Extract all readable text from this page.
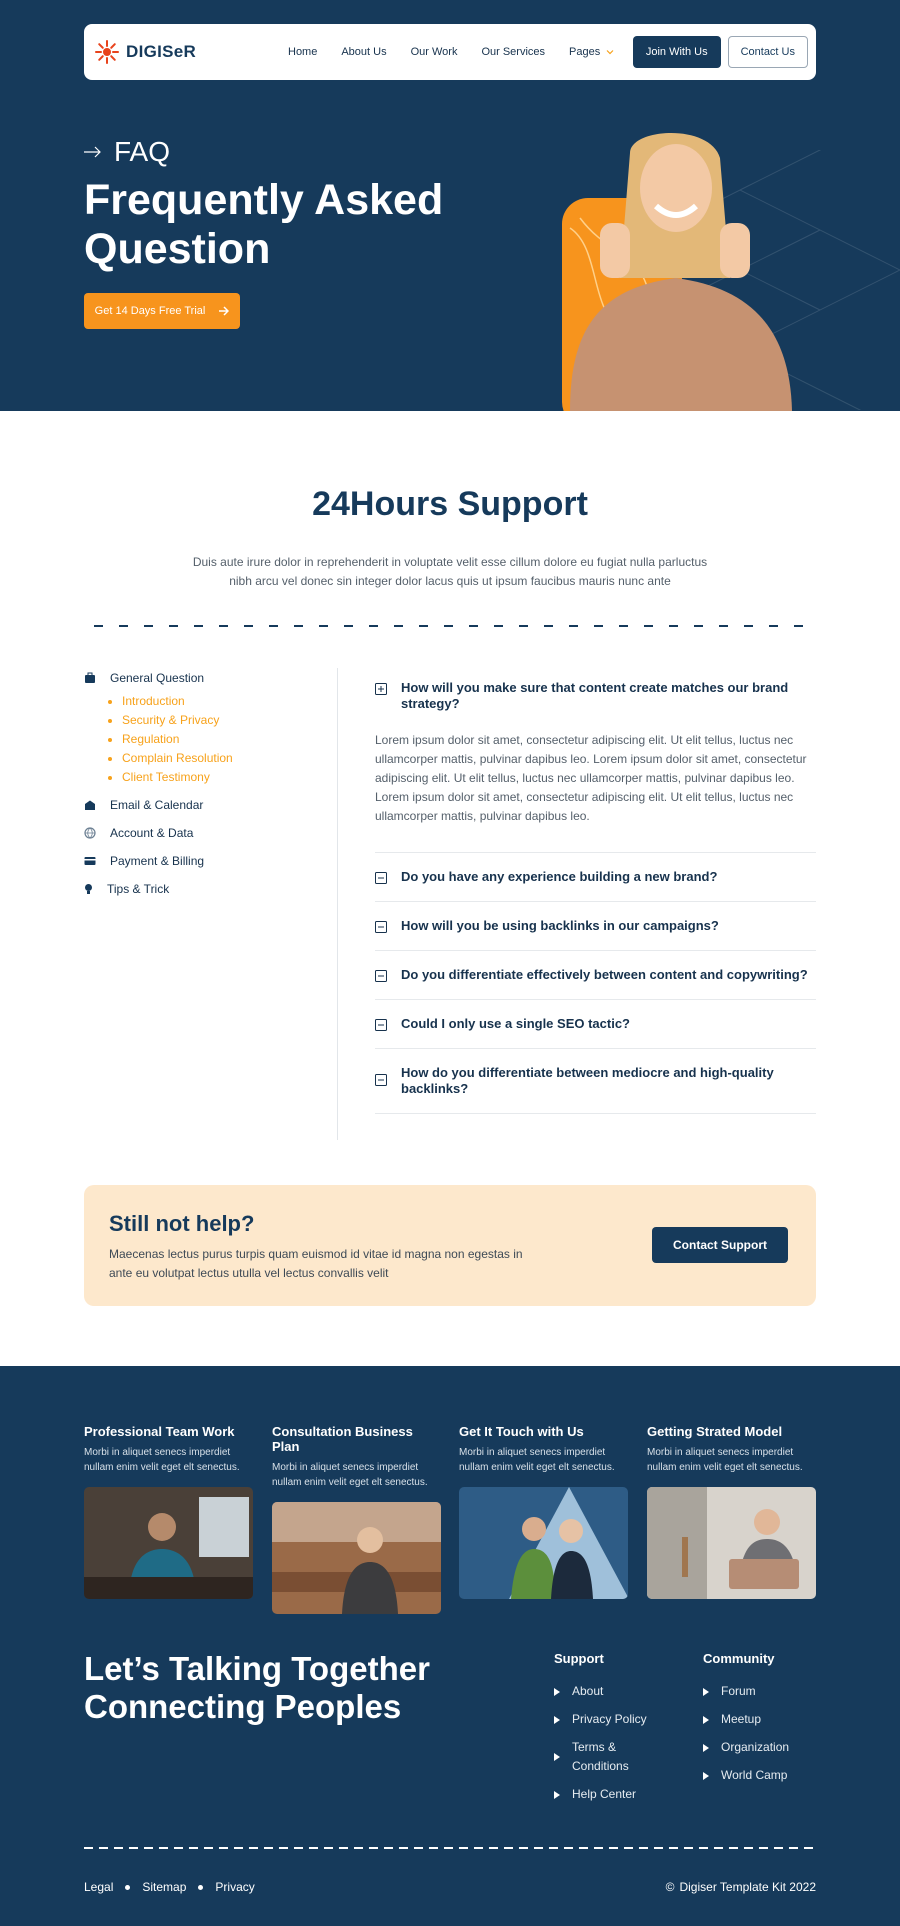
DIGISeR	Home About Us Our Work Our Services Pages	Join With Us	Contact Us
FAQ
Frequently Asked Question
Get 14 Days Free Trial
24Hours Support
Duis aute irure dolor in reprehenderit in voluptate velit esse cillum dolore eu fugiat nulla parluctus nibh arcu vel donec sin integer dolor lacus quis ut ipsum faucibus mauris nunc ante
General Question
• Introduction
• Security & Privacy
• Regulation
• Complain Resolution
• Client Testimony
Email & Calendar
Account & Data
Payment & Billing
Tips & Trick
How will you make sure that content create matches our brand strategy?
Lorem ipsum dolor sit amet, consectetur adipiscing elit. Ut elit tellus, luctus nec ullamcorper mattis, pulvinar dapibus leo. Lorem ipsum dolor sit amet, consectetur adipiscing elit. Ut elit tellus, luctus nec ullamcorper mattis, pulvinar dapibus leo. Lorem ipsum dolor sit amet, consectetur adipiscing elit. Ut elit tellus, luctus nec ullamcorper mattis, pulvinar dapibus leo.
Do you have any experience building a new brand?
How will you be using backlinks in our campaigns?
Do you differentiate effectively between content and copywriting?
Could I only use a single SEO tactic?
How do you differentiate between mediocre and high-quality backlinks?
Still not help?
Maecenas lectus purus turpis quam euismod id vitae id magna non egestas in ante eu volutpat lectus utulla vel lectus convallis velit
Contact Support
Professional Team Work
Morbi in aliquet senecs imperdiet nullam enim velit eget elt senectus.
Consultation Business Plan
Morbi in aliquet senecs imperdiet nullam enim velit eget elt senectus.
Get It Touch with Us
Morbi in aliquet senecs imperdiet nullam enim velit eget elt senectus.
Getting Strated Model
Morbi in aliquet senecs imperdiet nullam enim velit eget elt senectus.
Let’s Talking Together Connecting Peoples
Support
About
Privacy Policy
Terms & Conditions
Help Center
Community
Forum
Meetup
Organization
World Camp
Legal Sitemap Privacy	© Digiser Template Kit 2022
